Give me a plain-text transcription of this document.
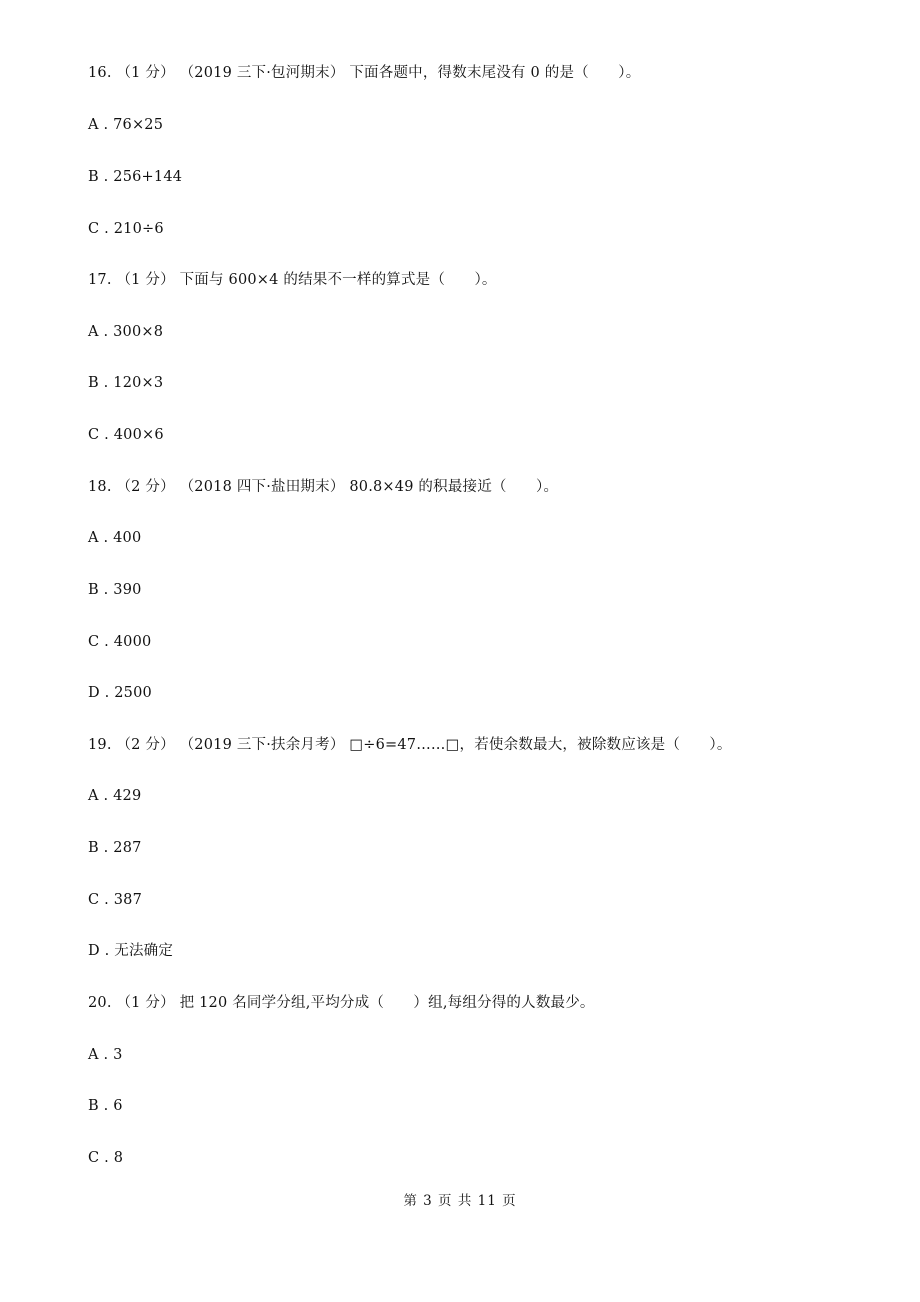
16. （1 分） （2019 三下·包河期末） 下面各题中，得数末尾没有 0 的是（　　）。
A . 76×25
B . 256+144
C . 210÷6
17. （1 分） 下面与 600×4 的结果不一样的算式是（　　）。
A . 300×8
B . 120×3
C . 400×6
18. （2 分） （2018 四下·盐田期末） 80.8×49 的积最接近（　　）。
A . 400
B . 390
C . 4000
D . 2500
19. （2 分） （2019 三下·扶余月考） □÷6=47……□，若使余数最大，被除数应该是（　　）。
A . 429
B . 287
C . 387
D . 无法确定
20. （1 分） 把 120 名同学分组,平均分成（　　）组,每组分得的人数最少。
A . 3
B . 6
C . 8
第 3 页 共 11 页
